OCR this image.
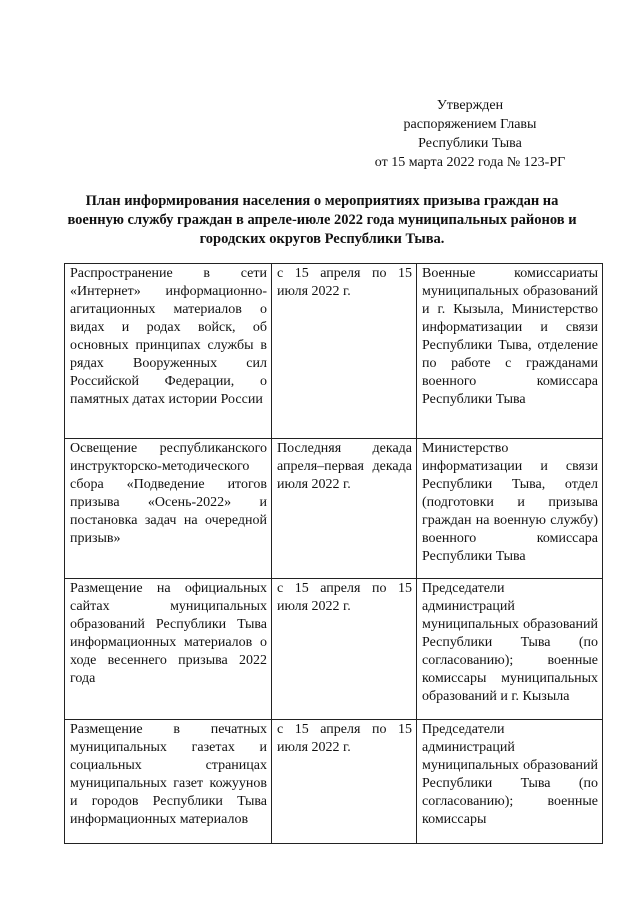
Утвержден
распоряжением Главы
Республики Тыва
от 15 марта 2022 года № 123-РГ
План информирования населения о мероприятиях призыва граждан на военную службу граждан в апреле-июле 2022 года муниципальных районов и городских округов Республики Тыва.
Распространение в сети «Интернет» информационно-агитационных материалов о видах и родах войск, об основных принципах службы в рядах Вооруженных сил Российской Федерации, о памятных датах истории России	с 15 апреля по 15 июля 2022 г.	Военные комиссариаты муниципальных образований и г. Кызыла, Министерство информатизации и связи Республики Тыва, отделение по работе с гражданами военного комиссара Республики Тыва
Освещение республиканского инструкторско-методического сбора «Подведение итогов призыва «Осень-2022» и постановка задач на очередной призыв»	Последняя декада апреля–первая декада июля 2022 г.	Министерство информатизации и связи Республики Тыва, отдел (подготовки и призыва граждан на военную службу) военного комиссара Республики Тыва
Размещение на официальных сайтах муниципальных образований Республики Тыва информационных материалов о ходе весеннего призыва 2022 года	с 15 апреля по 15 июля 2022 г.	Председатели администраций муниципальных образований Республики Тыва (по согласованию); военные комиссары муниципальных образований и г. Кызыла
Размещение в печатных муниципальных газетах и социальных страницах муниципальных газет кожуунов и городов Республики Тыва информационных материалов	с 15 апреля по 15 июля 2022 г.	Председатели администраций муниципальных образований Республики Тыва (по согласованию); военные комиссары
